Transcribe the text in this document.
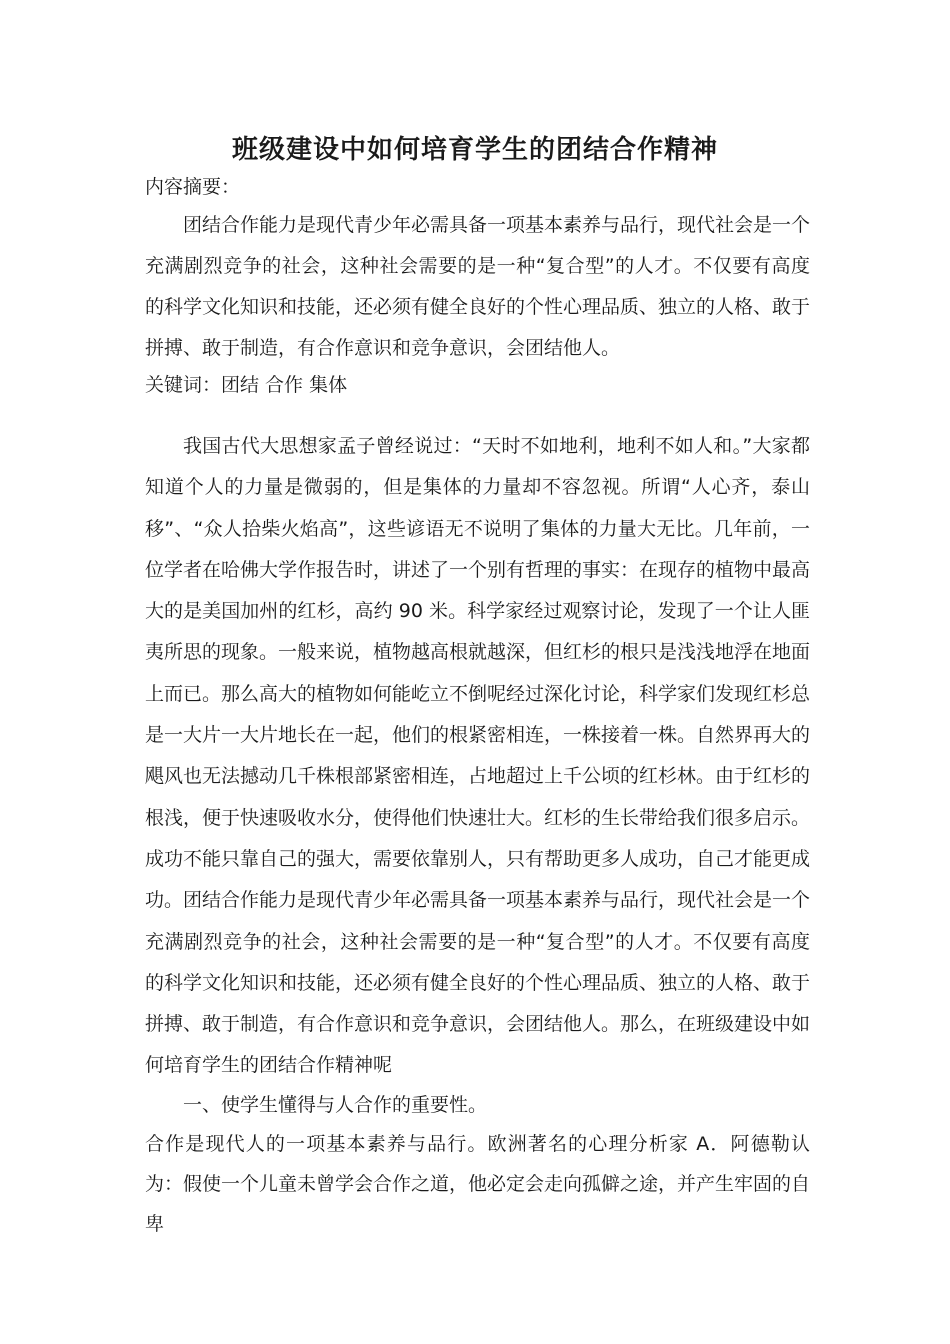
班级建设中如何培育学生的团结合作精神

内容摘要：

团结合作能力是现代青少年必需具备一项基本素养与品行，现代社会是一个充满剧烈竞争的社会，这种社会需要的是一种“复合型”的人才。不仅要有高度的科学文化知识和技能，还必须有健全良好的个性心理品质、独立的人格、敢于拼搏、敢于制造，有合作意识和竞争意识，会团结他人。

关键词：团结 合作 集体

我国古代大思想家孟子曾经说过：“天时不如地利，地利不如人和。”大家都知道个人的力量是微弱的，但是集体的力量却不容忽视。所谓“人心齐，泰山移”、“众人拾柴火焰高”，这些谚语无不说明了集体的力量大无比。几年前，一位学者在哈佛大学作报告时，讲述了一个别有哲理的事实：在现存的植物中最高大的是美国加州的红杉，高约 90 米。科学家经过观察讨论，发现了一个让人匪夷所思的现象。一般来说，植物越高根就越深，但红杉的根只是浅浅地浮在地面上而已。那么高大的植物如何能屹立不倒呢经过深化讨论，科学家们发现红杉总是一大片一大片地长在一起，他们的根紧密相连，一株接着一株。自然界再大的飓风也无法撼动几千株根部紧密相连，占地超过上千公顷的红杉林。由于红杉的根浅，便于快速吸收水分，使得他们快速壮大。红杉的生长带给我们很多启示。成功不能只靠自己的强大，需要依靠别人，只有帮助更多人成功，自己才能更成功。团结合作能力是现代青少年必需具备一项基本素养与品行，现代社会是一个充满剧烈竞争的社会，这种社会需要的是一种“复合型”的人才。不仅要有高度的科学文化知识和技能，还必须有健全良好的个性心理品质、独立的人格、敢于拼搏、敢于制造，有合作意识和竞争意识，会团结他人。那么，在班级建设中如何培育学生的团结合作精神呢

一、使学生懂得与人合作的重要性。

合作是现代人的一项基本素养与品行。欧洲著名的心理分析家 A．阿德勒认为：假使一个儿童未曾学会合作之道，他必定会走向孤僻之途，并产生牢固的自卑
